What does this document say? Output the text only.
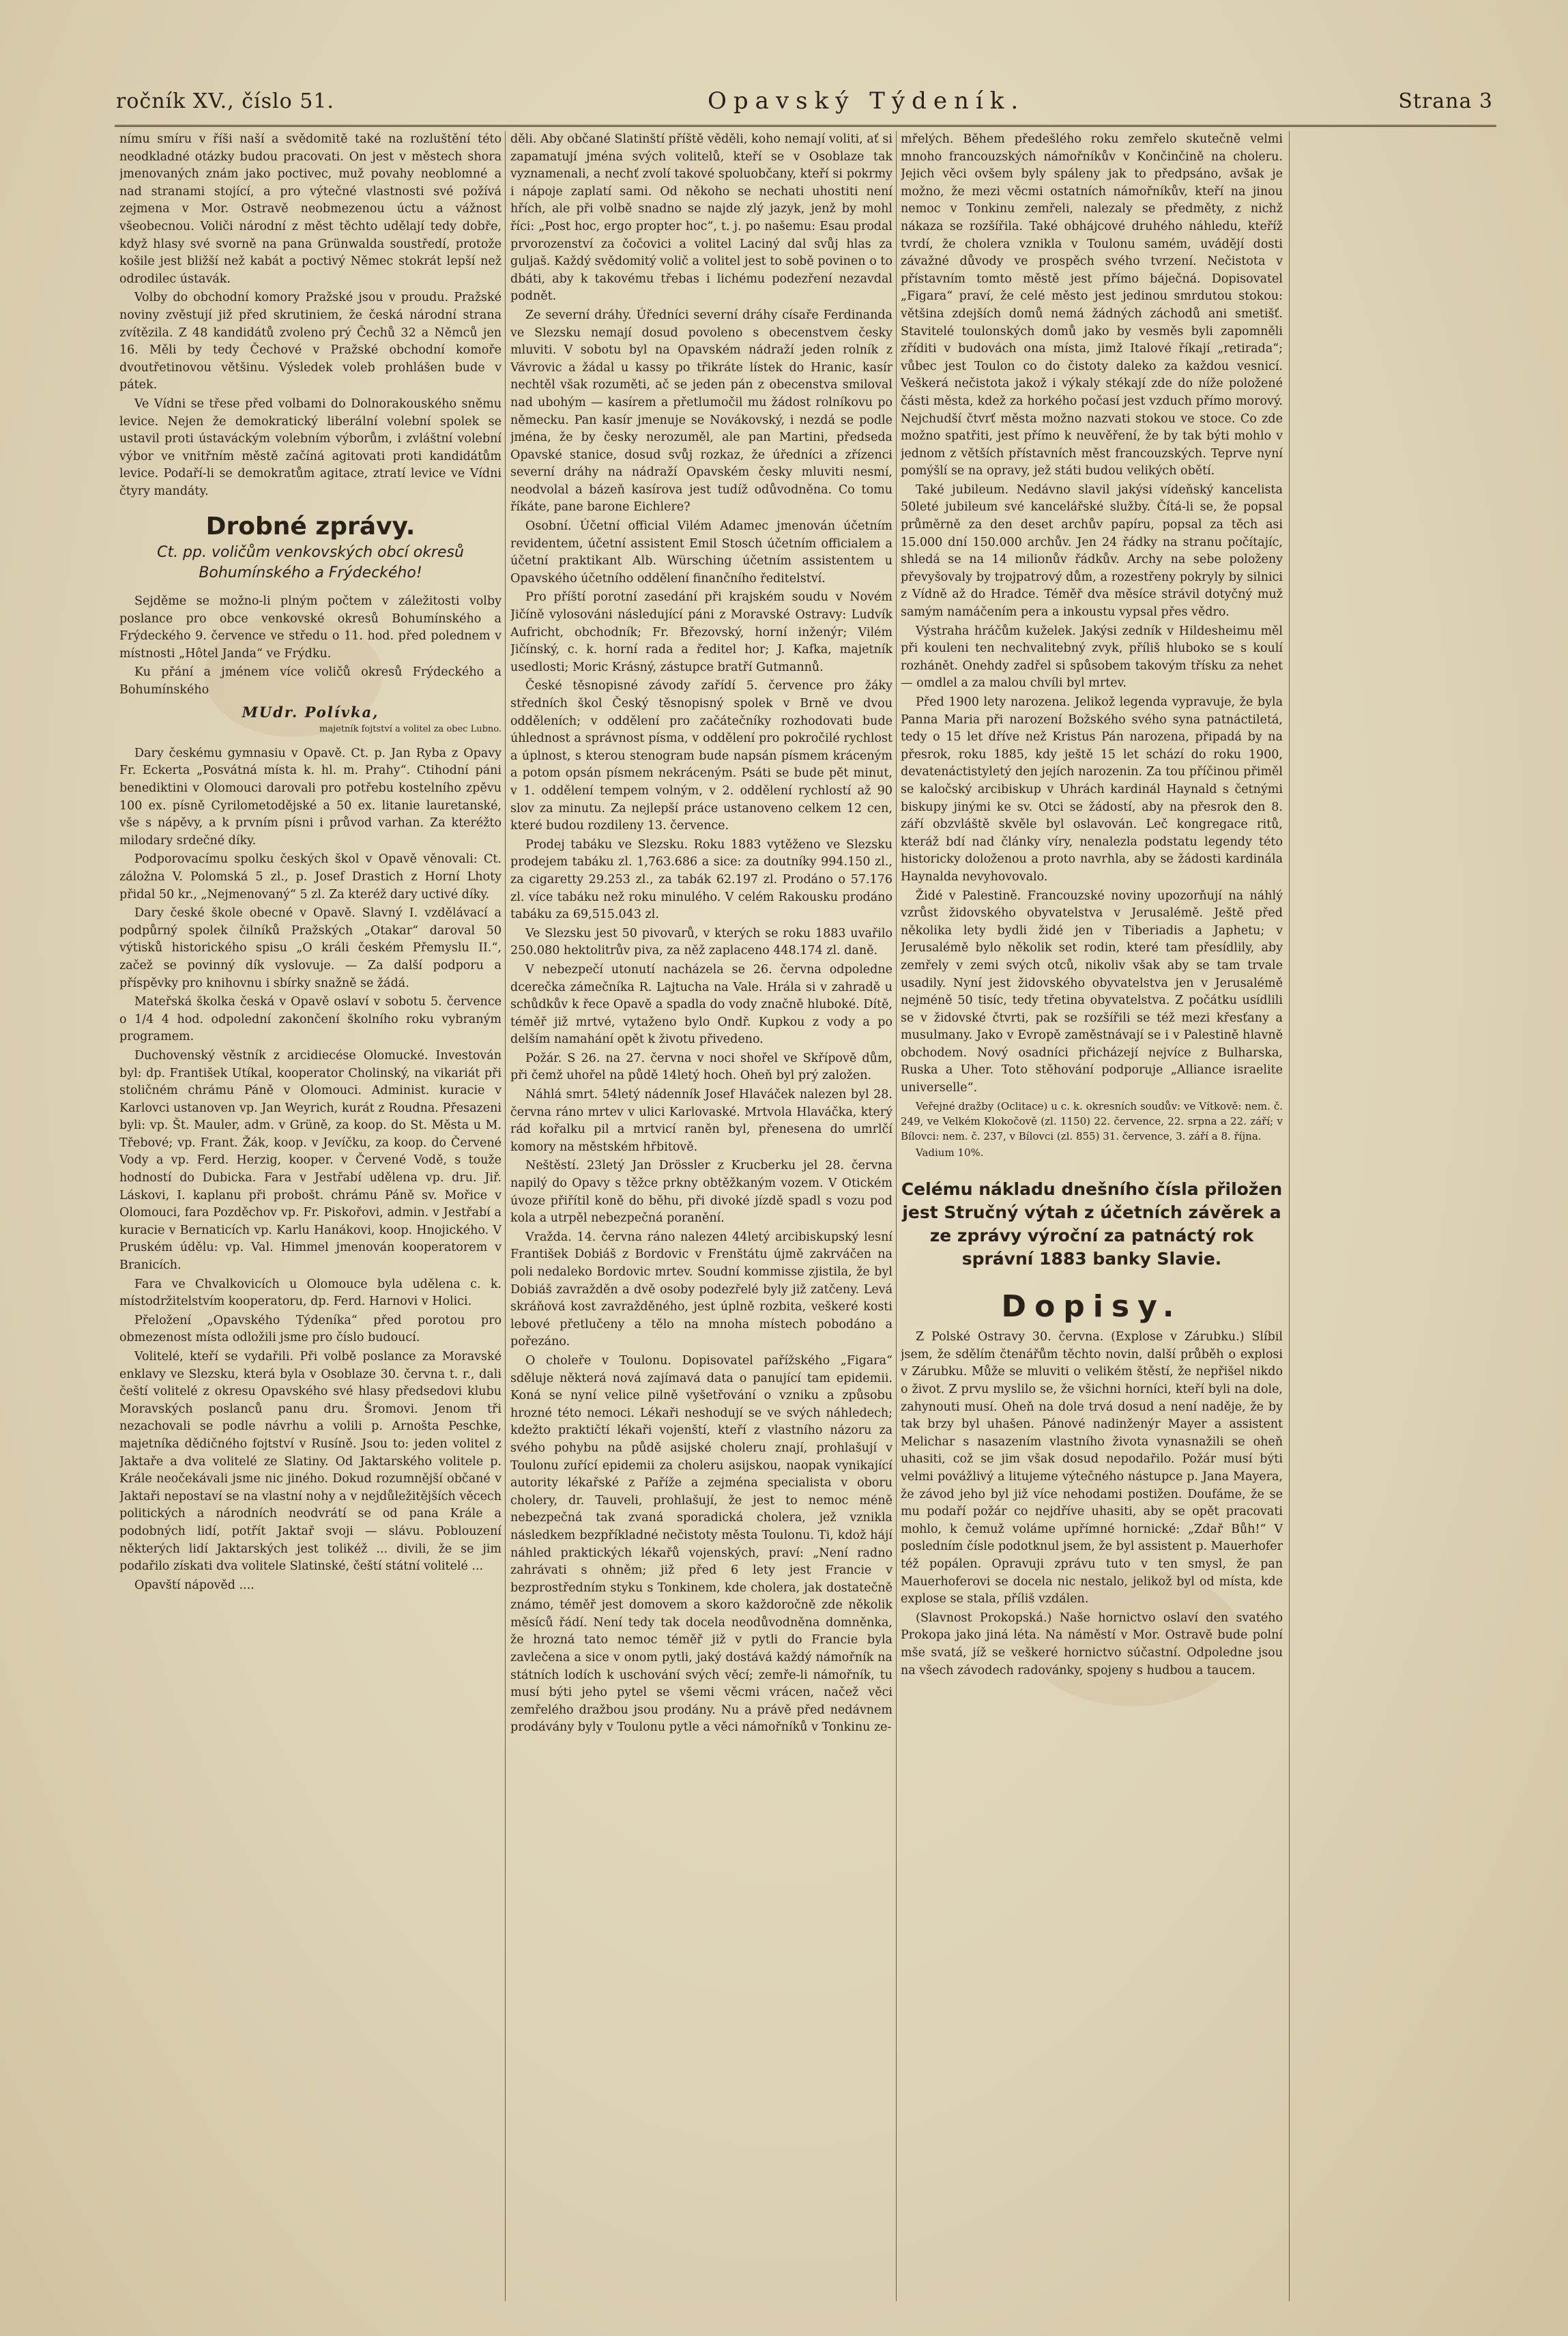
ročník XV., číslo 51.	Opavský Týdeník.	Strana 3

nímu smíru v říši naší a svědomitě také na rozluštění této neodkladné otázky budou pracovati. On jest v městech shora jmenovaných znám jako poctivec, muž povahy neoblomné a nad stranami stojící, a pro výtečné vlastnosti své požívá zejmena v Mor. Ostravě neobmezenou úctu a vážnost všeobecnou. Voliči národní z měst těchto udělají tedy dobře, když hlasy své svorně na pana Grünwalda soustředí, protože košile jest bližší než kabát a poctivý Němec stokrát lepší než odrodilec ústavák.

Volby do obchodní komory Pražské jsou v proudu. Pražské noviny zvěstují již před skrutiniem, že česká národní strana zvítězila. Z 48 kandidátů zvoleno prý Čechů 32 a Němců jen 16. Měli by tedy Čechové v Pražské obchodní komoře dvoutřetinovou většinu. Výsledek voleb prohlášen bude v pátek.

Ve Vídni se třese před volbami do Dolnorakouského sněmu levice. Nejen že demokratický liberální volební spolek se ustavil proti ústaváckým volebním výborům, i zvláštní volební výbor ve vnitřním městě začíná agitovati proti kandidátům levice. Podaří-li se demokratům agitace, ztratí levice ve Vídni čtyry mandáty.

Drobné zprávy.
Ct. pp. voličům venkovských obcí okresů Bohumínského a Frýdeckého!

Sejděme se možno-li plným počtem v záležitosti volby poslance pro obce venkovské okresů Bohumínského a Frýdeckého 9. července ve středu o 11. hod. před polednem v místnosti „Hôtel Janda“ ve Frýdku.

Ku přání a jménem více voličů okresů Frýdeckého a Bohumínského

MUdr. Polívka,
majetník fojtství a volitel za obec Lubno.

Dary českému gymnasiu v Opavě. Ct. p. Jan Ryba z Opavy Fr. Eckerta „Posvátná místa k. hl. m. Prahy“. Ctihodní páni benediktini v Olomouci darovali pro potřebu kostelního zpěvu 100 ex. písně Cyrilometodějské a 50 ex. litanie lauretanské, vše s nápěvy, a k prvním písni i průvod varhan. Za kteréžto milodary srdečné díky.

Podporovacímu spolku českých škol v Opavě věnovali: Ct. záložna V. Polomská 5 zl., p. Josef Drastich z Horní Lhoty přidal 50 kr., „Nejmenovaný“ 5 zl. Za kteréž dary uctivé díky.

Dary české škole obecné v Opavě. Slavný I. vzdělávací a podpůrný spolek čilníků Pražských „Otakar“ daroval 50 výtisků historického spisu „O králi českém Přemyslu II.“, začež se povinný dík vyslovuje. — Za další podporu a příspěvky pro knihovnu i sbírky snažně se žádá.

Mateřská školka česká v Opavě oslaví v sobotu 5. července o 1/4 4 hod. odpolední zakončení školního roku vybraným programem.

Duchovenský věstník z arcidiecése Olomucké. Investován byl: dp. František Utíkal, kooperator Cholinský, na vikariát při stoličném chrámu Páně v Olomouci. Administ. kuracie v Karlovci ustanoven vp. Jan Weyrich, kurát z Roudna. Přesazeni byli: vp. Št. Mauler, adm. v Grüně, za koop. do St. Města u M. Třebové; vp. Frant. Žák, koop. v Jevíčku, za koop. do Červené Vody a vp. Ferd. Herzig, kooper. v Červené Vodě, s touže hodností do Dubicka. Fara v Jestřabí udělena vp. dru. Jiř. Láskovi, I. kaplanu při probošt. chrámu Páně sv. Mořice v Olomouci, fara Pozděchov vp. Fr. Piskořovi, admin. v Jestřabí a kuracie v Bernaticích vp. Karlu Hanákovi, koop. Hnojického. V Pruském údělu: vp. Val. Himmel jmenován kooperatorem v Branicích.

Fara ve Chvalkovicích u Olomouce byla udělena c. k. místodržitelstvím kooperatoru, dp. Ferd. Harnovi v Holici.

Přeložení „Opavského Týdeníka“ před porotou pro obmezenost místa odložili jsme pro číslo budoucí.

Volitelé, kteří se vydařili. Při volbě poslance za Moravské enklavy ve Slezsku, která byla v Osoblaze 30. června t. r., dali čeští volitelé z okresu Opavského své hlasy předsedovi klubu Moravských poslanců panu dru. Šromovi. Jenom tři nezachovali se podle návrhu a volili p. Arnošta Peschke, majetníka dědičného fojtství v Rusíně. Jsou to: jeden volitel z Jaktaře a dva volitelé ze Slatiny. Od Jaktarského volitele p. Krále neočekávali jsme nic jiného. Dokud rozumnější občané v Jaktaři nepostaví se na vlastní nohy a v nejdůležitějších věcech politických a národních neodvrátí se od pana Krále a podobných lidí, potřít Jaktař svoji — slávu. Poblouzení některých lidí Jaktarských jest tolikéž ... divili, že se jim podařilo získati dva volitele Slatinské, čeští státní volitelé ...

Opavští nápověd ....

děli. Aby občané Slatinští příště věděli, koho nemají voliti, ať si zapamatují jména svých volitelů, kteří se v Osoblaze tak vyznamenali, a nechť zvolí takové spoluobčany, kteří si pokrmy i nápoje zaplatí sami. Od někoho se nechati uhostiti není hřích, ale při volbě snadno se najde zlý jazyk, jenž by mohl říci: „Post hoc, ergo propter hoc“, t. j. po našemu: Esau prodal prvorozenství za čočovici a volitel Laciný dal svůj hlas za guljaš. Každý svědomitý volič a volitel jest to sobě povinen o to dbáti, aby k takovému třebas i lichému podezření nezavdal podnět.

Ze severní dráhy. Úředníci severní dráhy císaře Ferdinanda ve Slezsku nemají dosud povoleno s obecenstvem česky mluviti. V sobotu byl na Opavském nádraží jeden rolník z Vávrovic a žádal u kassy po třikráte lístek do Hranic, kasír nechtěl však rozuměti, ač se jeden pán z obecenstva smiloval nad ubohým — kasírem a přetlumočil mu žádost rolníkovu po německu. Pan kasír jmenuje se Novákovský, i nezdá se podle jména, že by česky nerozuměl, ale pan Martini, předseda Opavské stanice, dosud svůj rozkaz, že úředníci a zřízenci severní dráhy na nádraží Opavském česky mluviti nesmí, neodvolal a bázeň kasírova jest tudíž odůvodněna. Co tomu říkáte, pane barone Eichlere?

Osobní. Účetní official Vilém Adamec jmenován účetním revidentem, účetní assistent Emil Stosch účetním officialem a účetní praktikant Alb. Würsching účetním assistentem u Opavského účetního oddělení finančního ředitelství.

Pro příští porotní zasedání při krajském soudu v Novém Jičíně vylosováni následující páni z Moravské Ostravy: Ludvík Aufricht, obchodník; Fr. Březovský, horní inženýr; Vilém Jičínský, c. k. horní rada a ředitel hor; J. Kafka, majetník usedlosti; Moric Krásný, zástupce bratří Gutmannů.

České těsnopisné závody zařídí 5. července pro žáky středních škol Český těsnopisný spolek v Brně ve dvou odděleních; v oddělení pro začátečníky rozhodovati bude úhlednost a správnost písma, v oddělení pro pokročilé rychlost a úplnost, s kterou stenogram bude napsán písmem kráceným a potom opsán písmem nekráceným. Psáti se bude pět minut, v 1. oddělení tempem volným, v 2. oddělení rychlostí až 90 slov za minutu. Za nejlepší práce ustanoveno celkem 12 cen, které budou rozdileny 13. července.

Prodej tabáku ve Slezsku. Roku 1883 vytěženo ve Slezsku prodejem tabáku zl. 1,763.686 a sice: za doutníky 994.150 zl., za cigaretty 29.253 zl., za tabák 62.197 zl. Prodáno o 57.176 zl. více tabáku než roku minulého. V celém Rakousku prodáno tabáku za 69,515.043 zl.

Ve Slezsku jest 50 pivovarů, v kterých se roku 1883 uvařilo 250.080 hektolitrův piva, za něž zaplaceno 448.174 zl. daně.

V nebezpečí utonutí nacházela se 26. června odpoledne dcerečka zámečníka R. Lajtucha na Vale. Hrála si v zahradě u schůdkův k řece Opavě a spadla do vody značně hluboké. Dítě, téměř již mrtvé, vytaženo bylo Ondř. Kupkou z vody a po delším namahání opět k životu přivedeno.

Požár. S 26. na 27. června v noci shořel ve Skřípově dům, při čemž uhořel na půdě 14letý hoch. Oheň byl prý založen.

Náhlá smrt. 54letý nádenník Josef Hlaváček nalezen byl 28. června ráno mrtev v ulici Karlovaské. Mrtvola Hlaváčka, který rád kořalku pil a mrtvicí raněn byl, přenesena do umrlčí komory na městském hřbitově.

Neštěstí. 23letý Jan Drössler z Krucberku jel 28. června napilý do Opavy s těžce prkny obtěžkaným vozem. V Otickém úvoze přiřítil koně do běhu, při divoké jízdě spadl s vozu pod kola a utrpěl nebezpečná poranění.

Vražda. 14. června ráno nalezen 44letý arcibiskupský lesní František Dobiáš z Bordovic v Frenštátu újmě zakrváčen na poli nedaleko Bordovic mrtev. Soudní kommisse zjistila, že byl Dobiáš zavražděn a dvě osoby podezřelé byly již zatčeny. Levá skráňová kost zavražděného, jest úplně rozbita, veškeré kosti lebové přetlučeny a tělo na mnoha místech pobodáno a pořezáno.

O choleře v Toulonu. Dopisovatel pařížského „Figara“ sděluje některá nová zajímavá data o panující tam epidemii. Koná se nyní velice pilně vyšetřování o vzniku a způsobu hrozné této nemoci. Lékaři neshodují se ve svých náhledech; kdežto praktičtí lékaři vojenští, kteří z vlastního názoru za svého pohybu na půdě asijské choleru znají, prohlašují v Toulonu zuřící epidemii za choleru asijskou, naopak vynikající autority lékařské z Paříže a zejména specialista v oboru cholery, dr. Tauveli, prohlašují, že jest to nemoc méně nebezpečná tak zvaná sporadická cholera, jež vznikla následkem bezpříkladné nečistoty města Toulonu. Ti, kdož hájí náhled praktických lékařů vojenských, praví: „Není radno zahrávati s ohněm; již před 6 lety jest Francie v bezprostředním styku s Tonkinem, kde cholera, jak dostatečně známo, téměř jest domovem a skoro každoročně zde několik měsíců řádí. Není tedy tak docela neodůvodněna domněnka, že hrozná tato nemoc téměř již v pytli do Francie byla zavlečena a sice v onom pytli, jaký dostává každý námořník na státních lodích k uschování svých věcí; zemře-li námořník, tu musí býti jeho pytel se všemi věcmi vrácen, načež věci zemřelého dražbou jsou prodány. Nu a právě před nedávnem prodávány byly v Toulonu pytle a věci námořníků v Tonkinu ze-

mřelých. Během předešlého roku zemřelo skutečně velmi mnoho francouzských námořníkův v Končinčině na choleru. Jejich věci ovšem byly spáleny jak to předpsáno, avšak je možno, že mezi věcmi ostatních námořníkův, kteří na jinou nemoc v Tonkinu zemřeli, nalezaly se předměty, z nichž nákaza se rozšířila. Také obhájcové druhého náhledu, kteříž tvrdí, že cholera vznikla v Toulonu samém, uvádějí dosti závažné důvody ve prospěch svého tvrzení. Nečistota v přístavním tomto městě jest přímo báječná. Dopisovatel „Figara“ praví, že celé město jest jedinou smrdutou stokou: většina zdejších domů nemá žádných záchodů ani smetišť. Stavitelé toulonských domů jako by vesměs byli zapomněli zříditi v budovách ona místa, jimž Italové říkají „retirada“; vůbec jest Toulon co do čistoty daleko za každou vesnicí. Veškerá nečistota jakož i výkaly stékají zde do níže položené části města, kdež za horkého počasí jest vzduch přímo morový. Nejchudší čtvrť města možno nazvati stokou ve stoce. Co zde možno spatřiti, jest přímo k neuvěření, že by tak býti mohlo v jednom z větších přístavních měst francouzských. Teprve nyní pomýšlí se na opravy, jež státi budou velikých obětí.

Také jubileum. Nedávno slavil jakýsi vídeňský kancelista 50leté jubileum své kancelářské služby. Čítá-li se, že popsal průměrně za den deset archův papíru, popsal za těch asi 15.000 dní 150.000 archův. Jen 24 řádky na stranu počítajíc, shledá se na 14 milionův řádkův. Archy na sebe položeny převyšovaly by trojpatrový dům, a rozestřeny pokryly by silnici z Vídně až do Hradce. Téměř dva měsíce strávil dotyčný muž samým namáčením pera a inkoustu vypsal přes vědro.

Výstraha hráčům kuželek. Jakýsi zedník v Hildesheimu měl při kouleni ten nechvalitebný zvyk, příliš hluboko se s koulí rozhánět. Onehdy zadřel si spůsobem takovým třísku za nehet — omdlel a za malou chvíli byl mrtev.

Před 1900 lety narozena. Jelikož legenda vypravuje, že byla Panna Maria při narození Božského svého syna patnáctiletá, tedy o 15 let dříve než Kristus Pán narozena, připadá by na přesrok, roku 1885, kdy ještě 15 let schází do roku 1900, devatenáctistyletý den jejích narozenin. Za tou příčinou přiměl se kaločský arcibiskup v Uhrách kardinál Haynald s četnými biskupy jinými ke sv. Otci se žádostí, aby na přesrok den 8. září obzvláště skvěle byl oslavován. Leč kongregace ritů, kteráž bdí nad články víry, nenalezla podstatu legendy této historicky doloženou a proto navrhla, aby se žádosti kardinála Haynalda nevyhovovalo.

Židé v Palestině. Francouzské noviny upozorňují na náhlý vzrůst židovského obyvatelstva v Jerusalémě. Ještě před několika lety bydli židé jen v Tiberiadis a Japhetu; v Jerusalémě bylo několik set rodin, které tam přesídlily, aby zemřely v zemi svých otců, nikoliv však aby se tam trvale usadily. Nyní jest židovského obyvatelstva jen v Jerusalémě nejméně 50 tisíc, tedy třetina obyvatelstva. Z počátku usídlili se v židovské čtvrti, pak se rozšířili se též mezi křesťany a musulmany. Jako v Evropě zaměstnávají se i v Palestině hlavně obchodem. Nový osadníci přicházejí nejvíce z Bulharska, Ruska a Uher. Toto stěhování podporuje „Alliance israelite universelle“.

Veřejné dražby (Oclitace) u c. k. okresních soudův: ve Vítkově: nem. č. 249, ve Velkém Klokočově (zl. 1150) 22. července, 22. srpna a 22. září; v Bílovci: nem. č. 237, v Bílovci (zl. 855) 31. července, 3. září a 8. října.

Vadium 10%.

Celému nákladu dnešního čísla přiložen jest Stručný výtah z účetních závěrek a ze zprávy výroční za patnáctý rok správní 1883 banky Slavie.
Dopisy.

Z Polské Ostravy 30. června. (Explose v Zárubku.) Slíbil jsem, že sdělím čtenářům těchto novin, další průběh o explosi v Zárubku. Může se mluviti o velikém štěstí, že nepřišel nikdo o život. Z prvu myslilo se, že všichni horníci, kteří byli na dole, zahynouti musí. Oheň na dole trvá dosud a není naděje, že by tak brzy byl uhašen. Pánové nadinženýr Mayer a assistent Melichar s nasazením vlastního života vynasnažili se oheň uhasiti, což se jim však dosud nepodařilo. Požár musí býti velmi povážlivý a litujeme výtečného nástupce p. Jana Mayera, že závod jeho byl již více nehodami postižen. Doufáme, že se mu podaří požár co nejdříve uhasiti, aby se opět pracovati mohlo, k čemuž voláme upřímné hornické: „Zdař Bůh!“ V posledním čísle podotknul jsem, že byl assistent p. Mauerhofer též popálen. Opravuji zprávu tuto v ten smysl, že pan Mauerhoferovi se docela nic nestalo, jelikož byl od místa, kde explose se stala, příliš vzdálen.

(Slavnost Prokopská.) Naše hornictvo oslaví den svatého Prokopa jako jiná léta. Na náměstí v Mor. Ostravě bude polní mše svatá, jíž se veškeré hornictvo súčastní. Odpoledne jsou na všech závodech radovánky, spojeny s hudbou a taucem.
